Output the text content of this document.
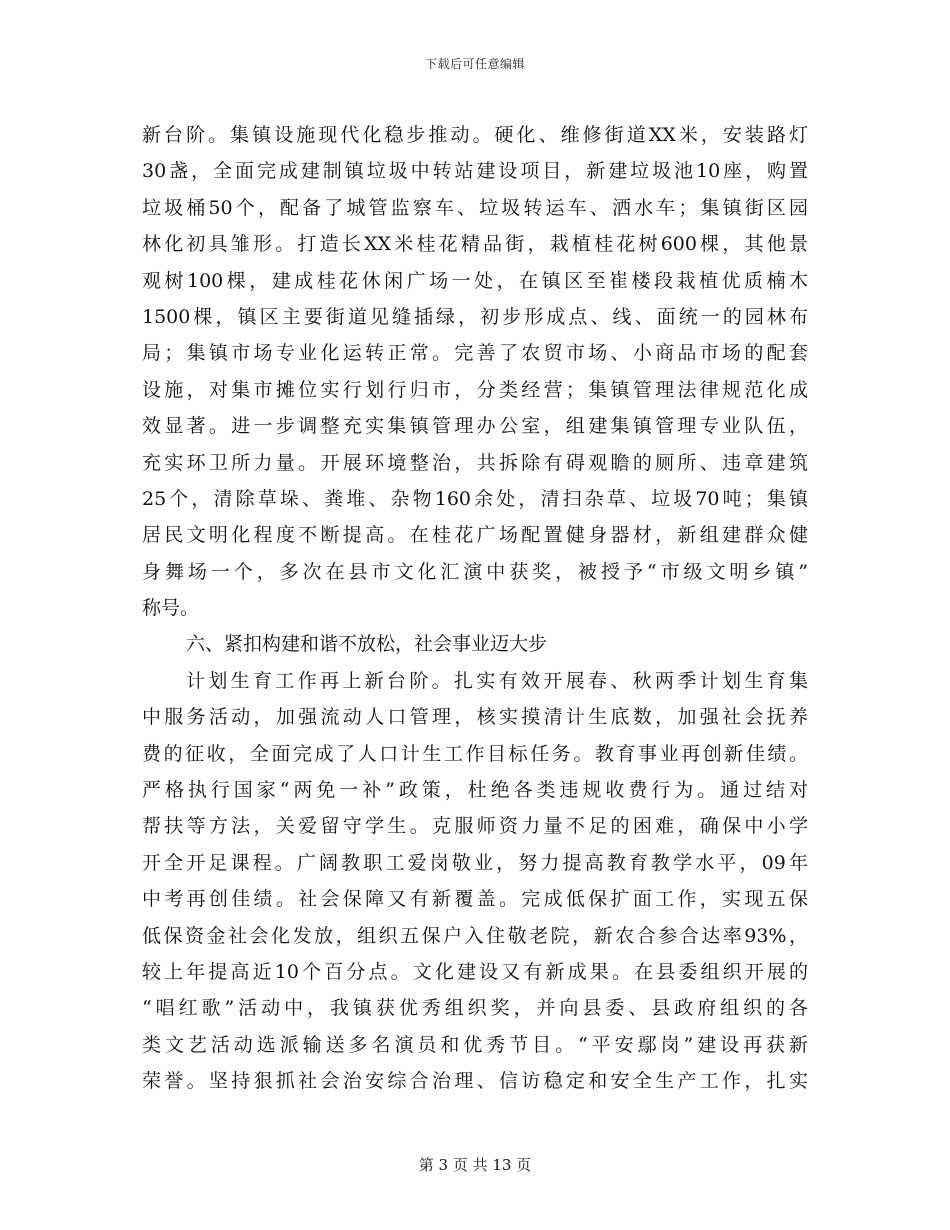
下载后可任意编辑
新台阶。集镇设施现代化稳步推动。硬化、维修街道XX米，安装路灯
30盏，全面完成建制镇垃圾中转站建设项目，新建垃圾池10座，购置
垃圾桶50个，配备了城管监察车、垃圾转运车、洒水车；集镇街区园
林化初具雏形。打造长XX米桂花精品街，栽植桂花树600棵，其他景
观树100棵，建成桂花休闲广场一处，在镇区至崔楼段栽植优质楠木
1500棵，镇区主要街道见缝插绿，初步形成点、线、面统一的园林布
局；集镇市场专业化运转正常。完善了农贸市场、小商品市场的配套
设施，对集市摊位实行划行归市，分类经营；集镇管理法律规范化成
效显著。进一步调整充实集镇管理办公室，组建集镇管理专业队伍，
充实环卫所力量。开展环境整治，共拆除有碍观瞻的厕所、违章建筑
25个，清除草垛、粪堆、杂物160余处，清扫杂草、垃圾70吨；集镇
居民文明化程度不断提高。在桂花广场配置健身器材，新组建群众健
身舞场一个，多次在县市文化汇演中获奖，被授予“市级文明乡镇”
称号。
六、紧扣构建和谐不放松，社会事业迈大步
计划生育工作再上新台阶。扎实有效开展春、秋两季计划生育集
中服务活动，加强流动人口管理，核实摸清计生底数，加强社会抚养
费的征收，全面完成了人口计生工作目标任务。教育事业再创新佳绩。
严格执行国家“两免一补”政策，杜绝各类违规收费行为。通过结对
帮扶等方法，关爱留守学生。克服师资力量不足的困难，确保中小学
开全开足课程。广阔教职工爱岗敬业，努力提高教育教学水平，09年
中考再创佳绩。社会保障又有新覆盖。完成低保扩面工作，实现五保
低保资金社会化发放，组织五保户入住敬老院，新农合参合达率93%，
较上年提高近10个百分点。文化建设又有新成果。在县委组织开展的
“唱红歌”活动中，我镇获优秀组织奖，并向县委、县政府组织的各
类文艺活动选派输送多名演员和优秀节目。“平安鄢岗”建设再获新
荣誉。坚持狠抓社会治安综合治理、信访稳定和安全生产工作，扎实
第 3 页 共 13 页
